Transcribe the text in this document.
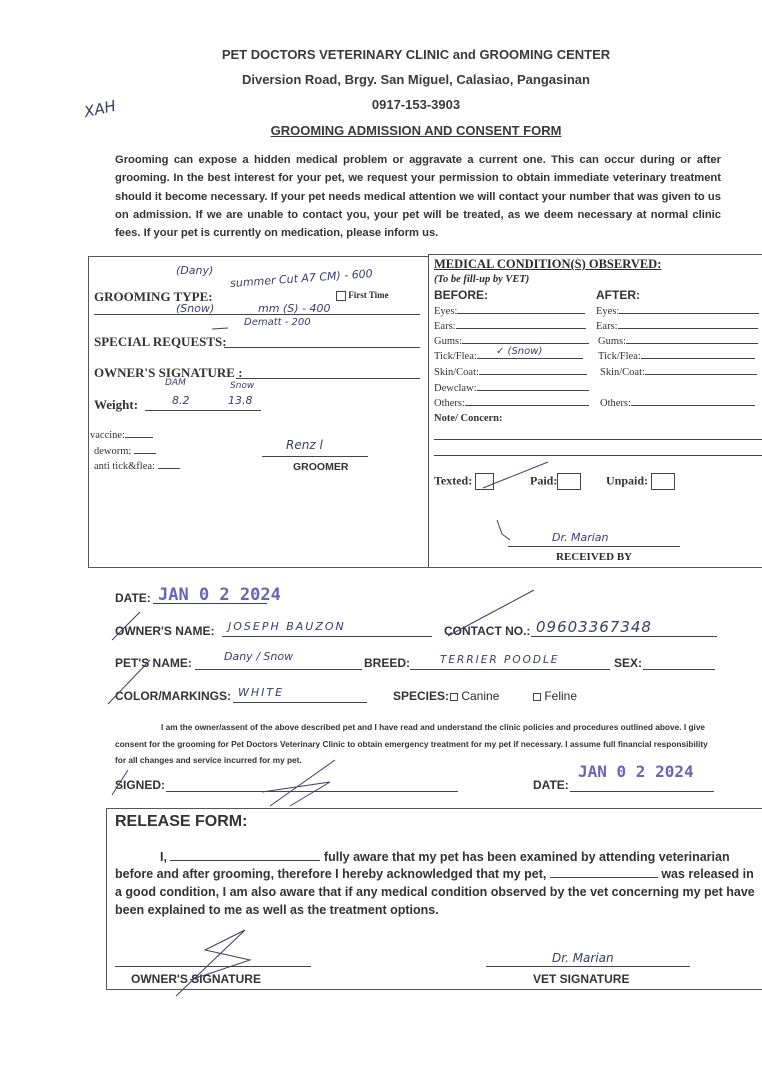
PET DOCTORS VETERINARY CLINIC and GROOMING CENTER
Diversion Road, Brgy. San Miguel, Calasiao, Pangasinan
0917-153-3903
GROOMING ADMISSION AND CONSENT FORM
XAH
Grooming can expose a hidden medical problem or aggravate a current one. This can occur during or after grooming. In the best interest for your pet, we request your permission to obtain immediate veterinary treatment should it become necessary. If your pet needs medical attention we will contact your number that was given to us on admission. If we are unable to contact you, your pet will be treated, as we deem necessary at normal clinic fees. If your pet is currently on medication, please inform us.
(Dany) summer Cut A7 CM) - 600
GROOMING TYPE:	First Time
(Snow)	mm (S) - 400
Dematt - 200
SPECIAL REQUESTS:
OWNER'S SIGNATURE :
DAM	Snow
Weight:	8.2	13.8
vaccine:
deworm:
anti tick&flea:
Renz l
GROOMER
MEDICAL CONDITION(S) OBSERVED:
(To be fill-up by VET)
BEFORE:	AFTER:
Eyes:	Eyes:
Ears:	Ears:
Gums:	Gums:
Tick/Flea:	✓ (Snow)	Tick/Flea:
Skin/Coat:	Skin/Coat:
Dewclaw:
Others:	Others:
Note/ Concern:
Texted:	Paid:	Unpaid:
Dr. Marian
RECEIVED BY
DATE: JAN 0 2 2024
OWNER'S NAME: JOSEPH BAUZON	CONTACT NO.: 09603367348
PET'S NAME:	Dany / Snow	BREED:	TERRIER POODLE	SEX:
COLOR/MARKINGS: WHITE	SPECIES:	Canine	Feline
I am the owner/assent of the above described pet and I have read and understand the clinic policies and procedures outlined above. I give consent for the grooming for Pet Doctors Veterinary Clinic to obtain emergency treatment for my pet if necessary. I assume full financial responsibility for all changes and service incurred for my pet.
SIGNED:	DATE:
JAN 0 2 2024
RELEASE FORM:
I,	fully aware that my pet has been examined by attending veterinarian
before and after grooming, therefore I hereby acknowledged that my pet,	was released in
a good condition, I am also aware that if any medical condition observed by the vet concerning my pet have
been explained to me as well as the treatment options.
OWNER'S SIGNATURE
Dr. Marian
VET SIGNATURE
